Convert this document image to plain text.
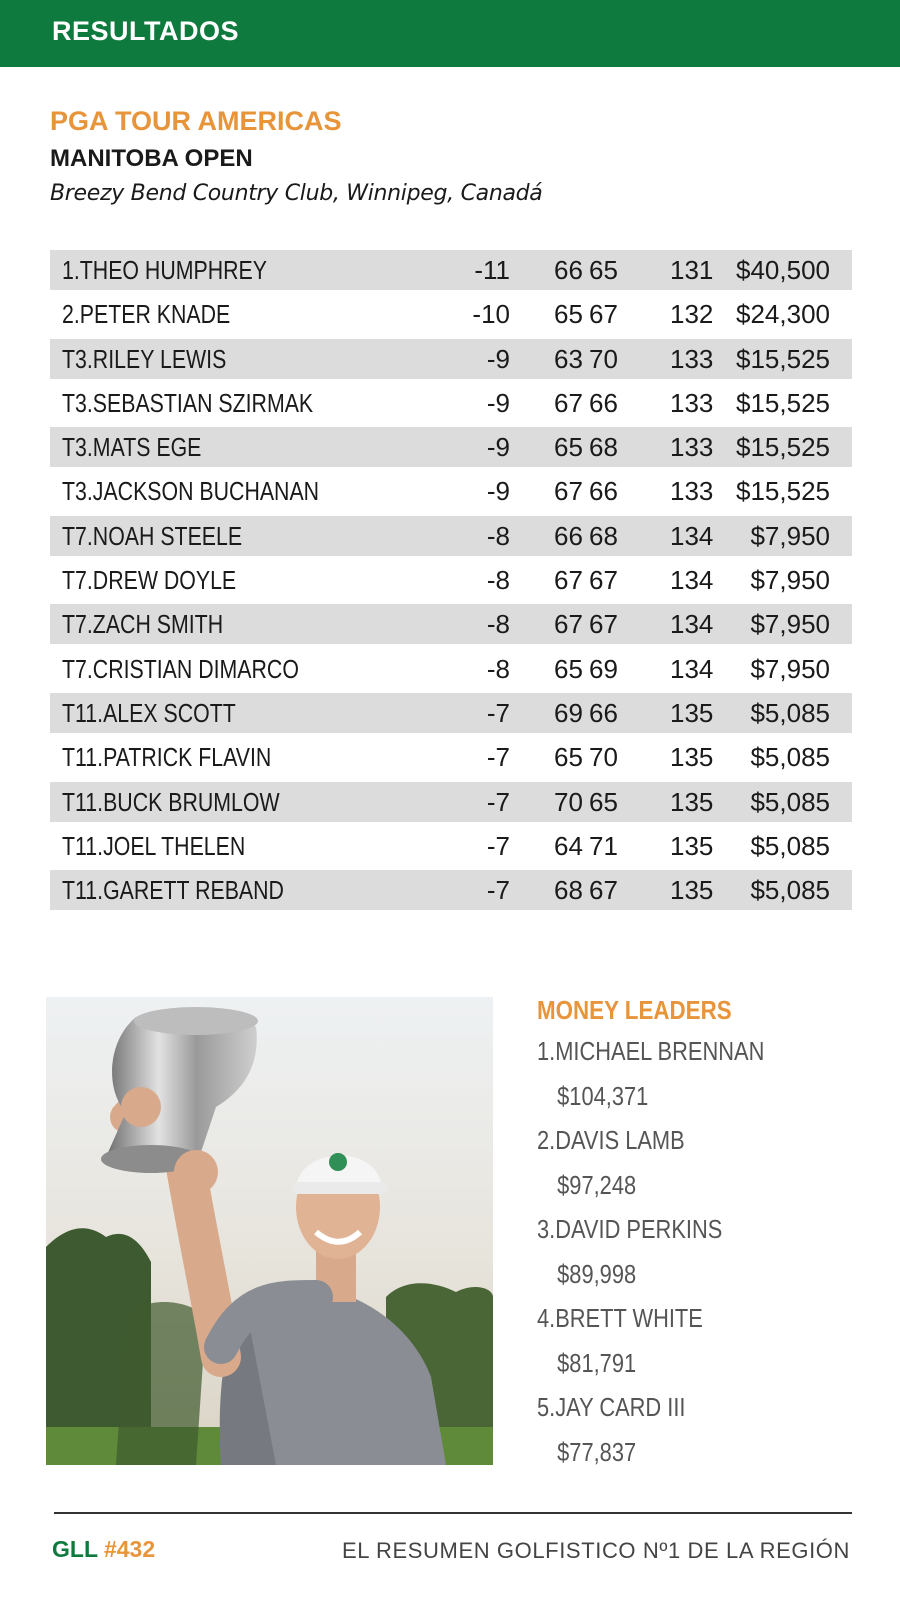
RESULTADOS
PGA TOUR AMERICAS
MANITOBA OPEN
Breezy Bend Country Club, Winnipeg, Canadá
1.THEO HUMPHREY	-11 66 65 131 $40,500
2.PETER KNADE	-10 65 67 132 $24,300
T3.RILEY LEWIS	-9 63 70 133 $15,525
T3.SEBASTIAN SZIRMAK	-9 67 66 133 $15,525
T3.MATS EGE	-9 65 68 133 $15,525
T3.JACKSON BUCHANAN	-9 67 66 133 $15,525
T7.NOAH STEELE	-8 66 68 134 $7,950
T7.DREW DOYLE	-8 67 67 134 $7,950
T7.ZACH SMITH	-8 67 67 134 $7,950
T7.CRISTIAN DIMARCO	-8 65 69 134 $7,950
T11.ALEX SCOTT	-7 69 66 135 $5,085
T11.PATRICK FLAVIN	-7 65 70 135 $5,085
T11.BUCK BRUMLOW	-7 70 65 135 $5,085
T11.JOEL THELEN	-7 64 71 135 $5,085
T11.GARETT REBAND	-7 68 67 135 $5,085
MONEY LEADERS
1.MICHAEL BRENNAN
$104,371
2.DAVIS LAMB
$97,248
3.DAVID PERKINS
$89,998
4.BRETT WHITE
$81,791
5.JAY CARD III
$77,837
GLL #432	EL RESUMEN GOLFISTICO Nº1 DE LA REGIÓN
